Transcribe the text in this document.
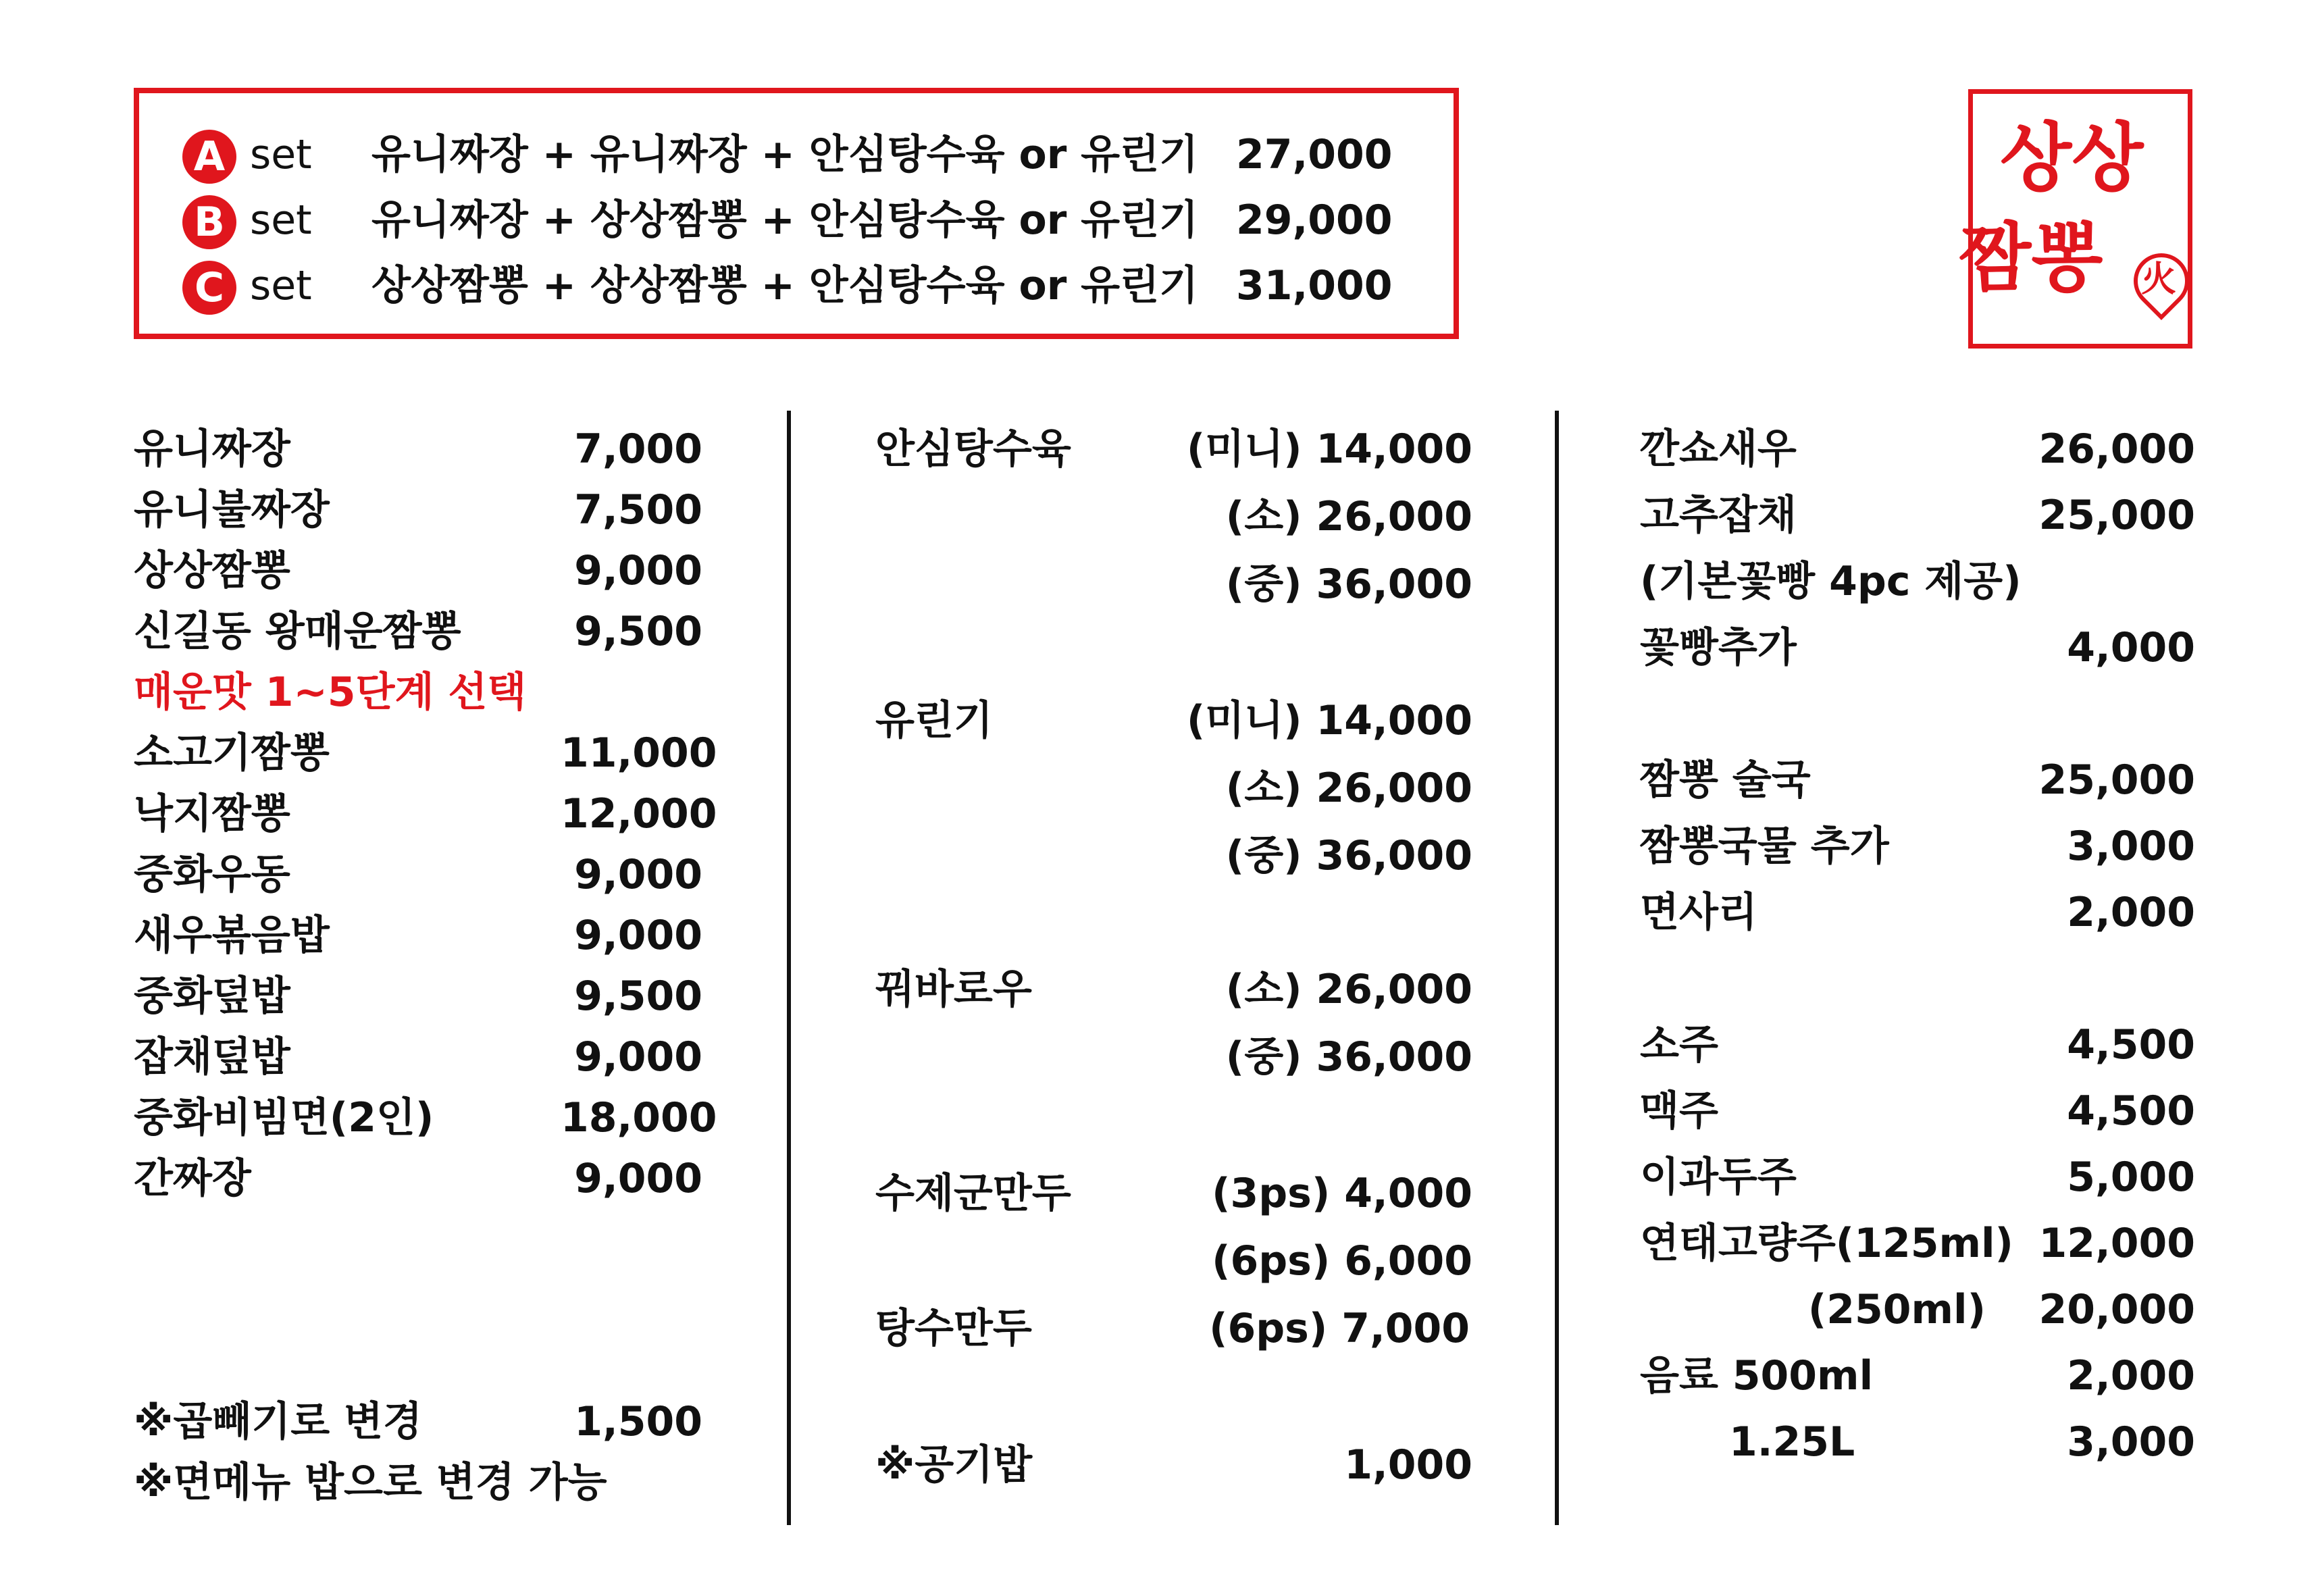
A set 유니짜장 + 유니짜장 + 안심탕수육 or 유린기 27,000
B set 유니짜장 + 상상짬뽕 + 안심탕수육 or 유린기 29,000
C set 상상짬뽕 + 상상짬뽕 + 안심탕수육 or 유린기 31,000
상상
짬뽕 火
유니짜장	7,000
유니불짜장	7,500
상상짬뽕	9,000
신길동 왕매운짬뽕	9,500
매운맛 1~5단계 선택
소고기짬뽕	11,000
낙지짬뽕	12,000
중화우동	9,000
새우볶음밥	9,000
중화덮밥	9,500
잡채덮밥	9,000
중화비빔면(2인)	18,000
간짜장	9,000
※곱빼기로 변경	1,500
※면메뉴 밥으로 변경 가능
안심탕수육	(미니) 14,000
(소) 26,000
(중) 36,000
유린기	(미니) 14,000
(소) 26,000
(중) 36,000
꿔바로우	(소) 26,000
(중) 36,000
수제군만두	(3ps) 4,000
(6ps) 6,000
탕수만두	(6ps) 7,000
※공기밥	1,000
깐쇼새우	26,000
고추잡채	25,000
(기본꽃빵 4pc 제공)
꽃빵추가	4,000
짬뽕 술국	25,000
짬뽕국물 추가	3,000
면사리	2,000
소주	4,500
맥주	4,500
이과두주	5,000
연태고량주(125ml) 12,000
(250ml)	20,000
음료 500ml	2,000
1.25L	3,000
